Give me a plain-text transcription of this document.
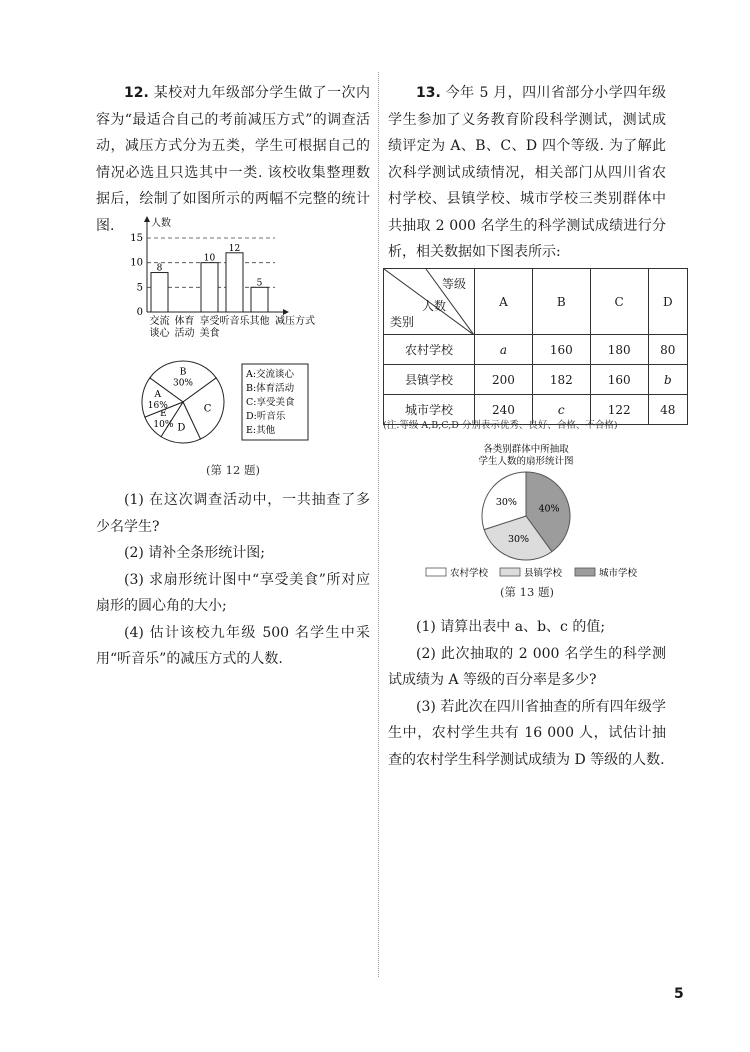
12. 某校对九年级部分学生做了一次内容为“最适合自己的考前减压方式”的调查活动，减压方式分为五类，学生可根据自己的情况必选且只选其中一类. 该校收集整理数据后，绘制了如图所示的两幅不完整的统计图.	人数
减压方式
0
5
10
15
8
交流
谈心
体育
活动
10
享受
美食
12
听音乐
5
其他
B
30%
C
D
E
10%
A
16%
A:交流谈心
B:体育活动
C:享受美食
D:听音乐
E:其他
(第 12 题)

(1) 在这次调查活动中，一共抽查了多少名学生?

(2) 请补全条形统计图;

(3) 求扇形统计图中“享受美食”所对应扇形的圆心角的大小;

(4) 估计该校九年级 500 名学生中采用“听音乐”的减压方式的人数.

13. 今年 5 月，四川省部分小学四年级学生参加了义务教育阶段科学测试，测试成绩评定为 A、B、C、D 四个等级. 为了解此次科学测试成绩情况，相关部门从四川省农村学校、县镇学校、城市学校三类别群体中共抽取 2 000 名学生的科学测试成绩进行分析，相关数据如下图表所示:

等级
人数
类别	A	B	C	D
农村学校	a	160	180	80
县镇学校	200	182	160	b
城市学校	240	c	122	48
(注:等级 A,B,C,D 分别表示优秀、良好、合格、不合格)
各类别群体中所抽取
学生人数的扇形统计图
40%
30%
30%
农村学校	县镇学校	城市学校
(第 13 题)

(1) 请算出表中 a、b、c 的值;

(2) 此次抽取的 2 000 名学生的科学测试成绩为 A 等级的百分率是多少?

(3) 若此次在四川省抽查的所有四年级学生中，农村学生共有 16 000 人，试估计抽查的农村学生科学测试成绩为 D 等级的人数.

5
